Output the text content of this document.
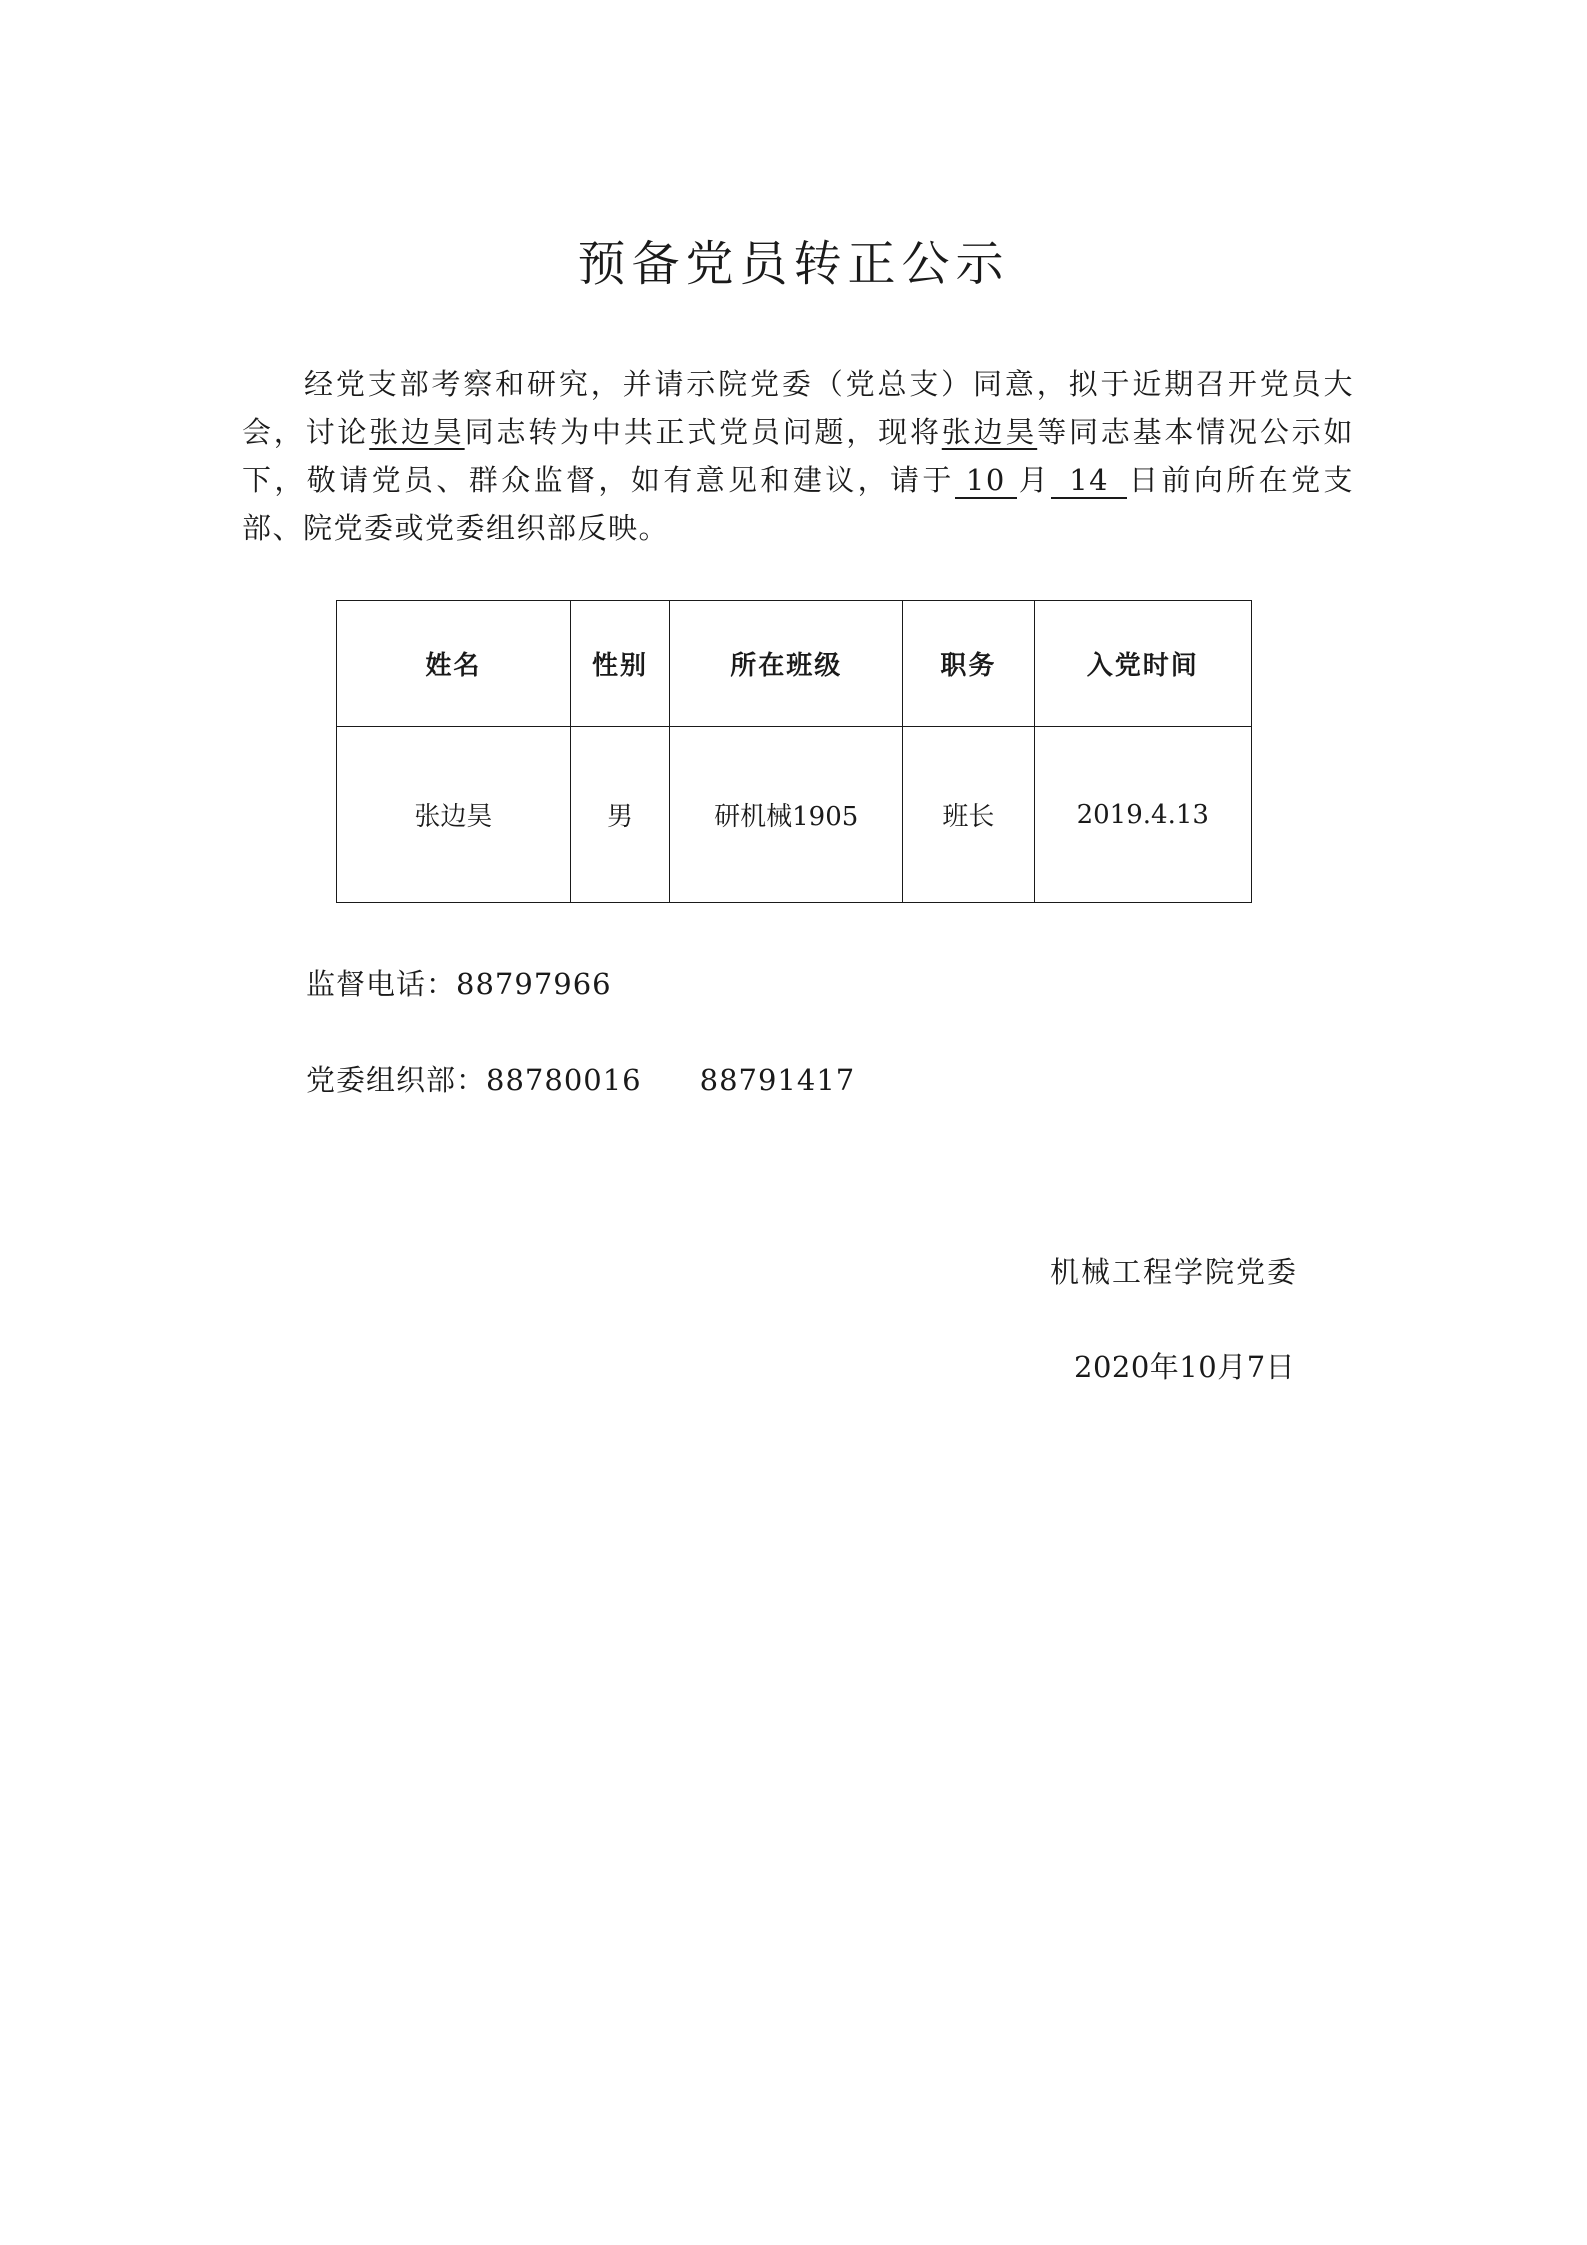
预备党员转正公示

经党支部考察和研究，并请示院党委（党总支）同意，拟于近期召开党员大会，讨论张边昊同志转为中共正式党员问题，现将张边昊等同志基本情况公示如下，敬请党员、群众监督，如有意见和建议，请于 10 月 14 日前向所在党支部、院党委或党委组织部反映。

姓名	性别	所在班级	职务	入党时间
张边昊	男	研机械1905	班长	2019.4.13
监督电话：88797966
党委组织部：88780016 88791417
机械工程学院党委
2020年10月7日
